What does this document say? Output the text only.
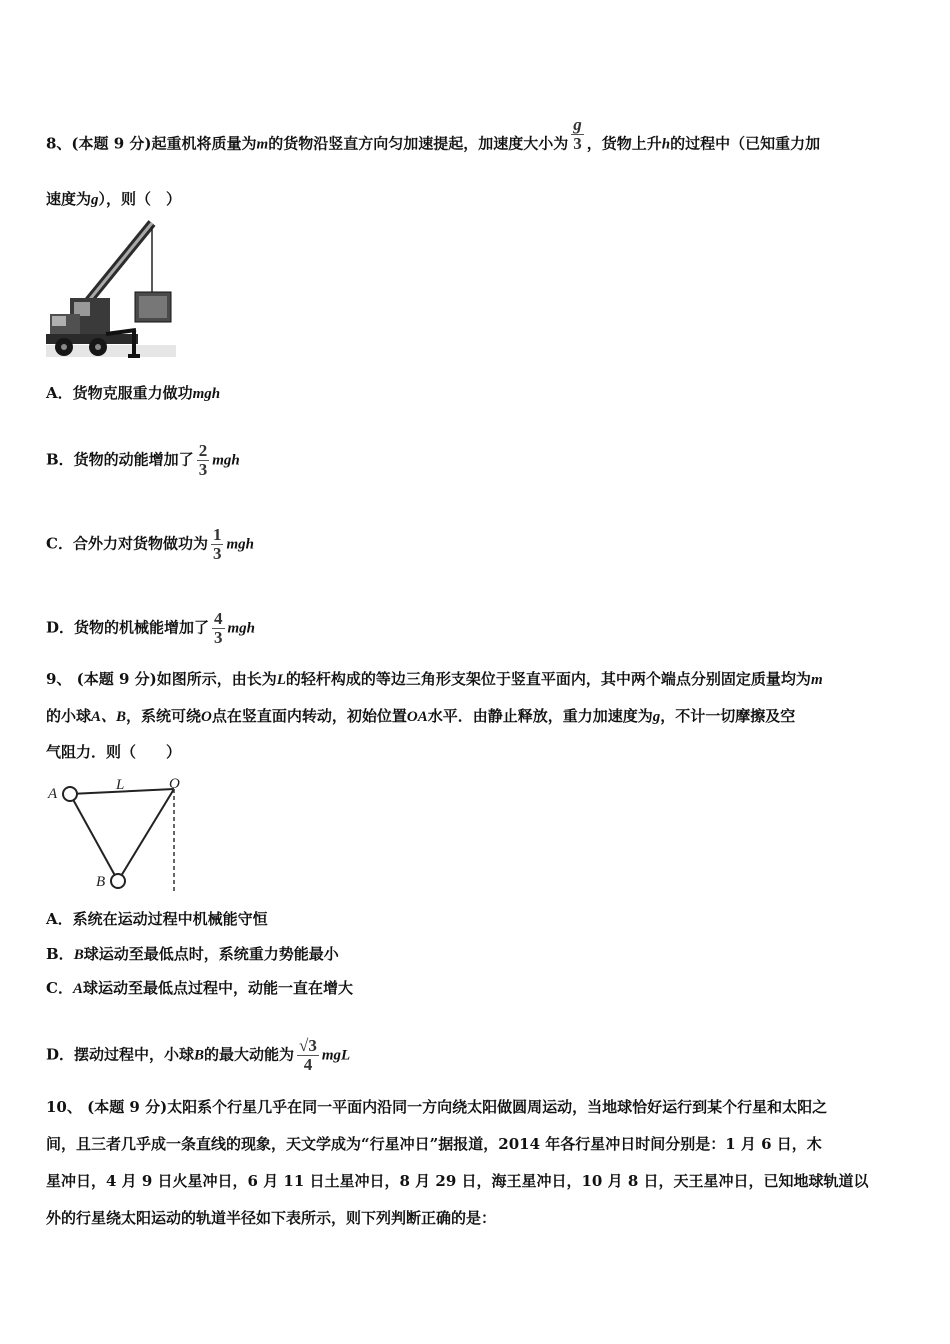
8、(本题 9 分)起重机将质量为m的货物沿竖直方向匀加速提起，加速度大小为 $\frac{g}{3}$ ，货物上升h的过程中（已知重力加
速度为g），则（　）
A．货物克服重力做功mgh
B．货物的动能增加了 $\frac{2}{3}$ mgh
C．合外力对货物做功为 $\frac{1}{3}$ mgh
D．货物的机械能增加了 $\frac{4}{3}$ mgh
9、 (本题 9 分)如图所示，由长为L的轻杆构成的等边三角形支架位于竖直平面内，其中两个端点分别固定质量均为m
的小球A、B，系统可绕O点在竖直面内转动，初始位置OA水平．由静止释放，重力加速度为g，不计一切摩擦及空
气阻力．则（　　）
A
L	O
B
A．系统在运动过程中机械能守恒
B．B球运动至最低点时，系统重力势能最小
C．A球运动至最低点过程中，动能一直在增大
D．摆动过程中，小球B的最大动能为 $\frac{√3}{4}$ mgL
10、 (本题 9 分)太阳系个行星几乎在同一平面内沿同一方向绕太阳做圆周运动，当地球恰好运行到某个行星和太阳之
间，且三者几乎成一条直线的现象，天文学成为“行星冲日”据报道，2014 年各行星冲日时间分别是：1 月 6 日，木
星冲日，4 月 9 日火星冲日，6 月 11 日土星冲日，8 月 29 日，海王星冲日，10 月 8 日，天王星冲日，已知地球轨道以
外的行星绕太阳运动的轨道半径如下表所示，则下列判断正确的是：
